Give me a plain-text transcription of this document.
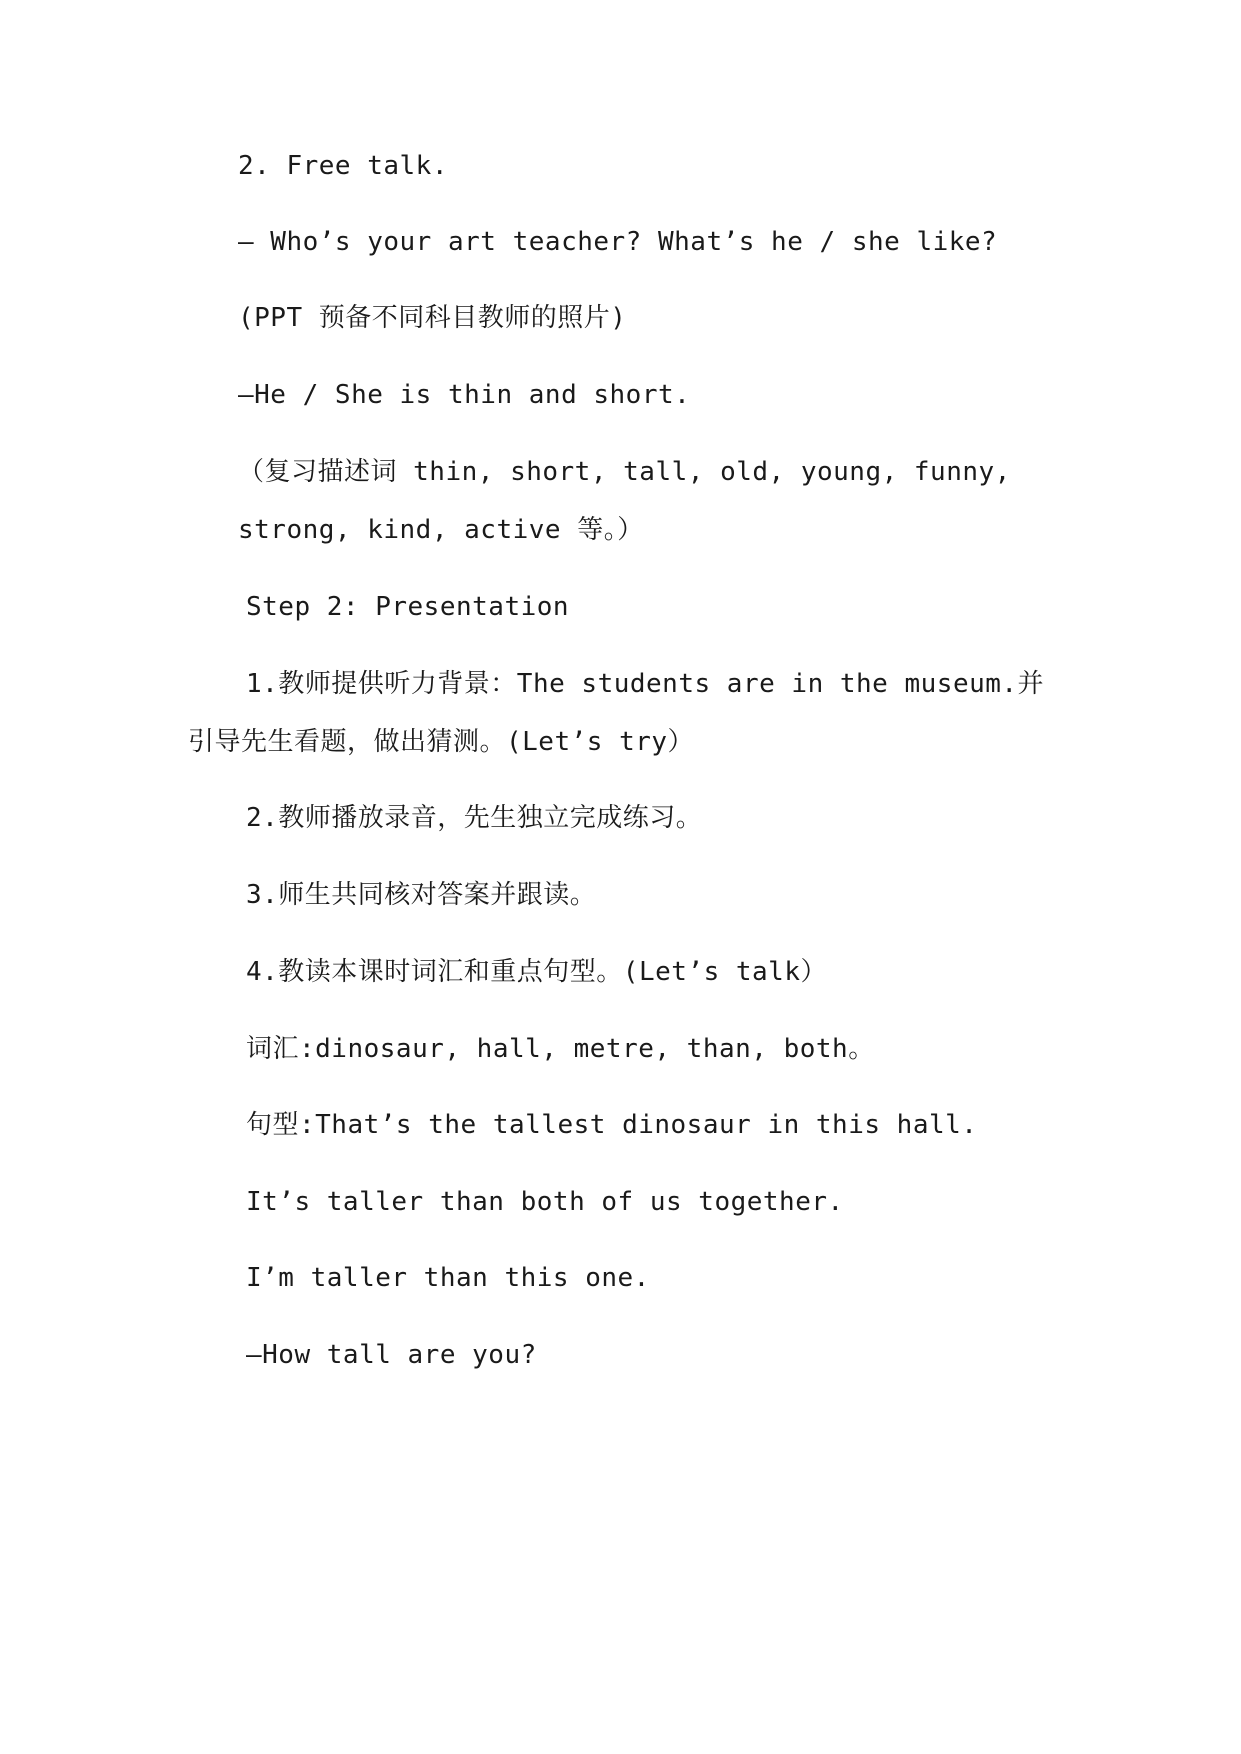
2. Free talk.
— Who’s your art teacher? What’s he / she like?
(PPT 预备不同科目教师的照片)
—He / She is thin and short.
（复习描述词 thin, short, tall, old, young, funny,
strong, kind, active 等。）
Step 2: Presentation
1.教师提供听力背景：The students are in the museum.并
引导先生看题，做出猜测。(Let’s try）
2.教师播放录音，先生独立完成练习。
3.师生共同核对答案并跟读。
4.教读本课时词汇和重点句型。(Let’s talk）
词汇:dinosaur, hall, metre, than, both。
句型:That’s the tallest dinosaur in this hall.
It’s taller than both of us together.
I’m taller than this one.
—How tall are you?
